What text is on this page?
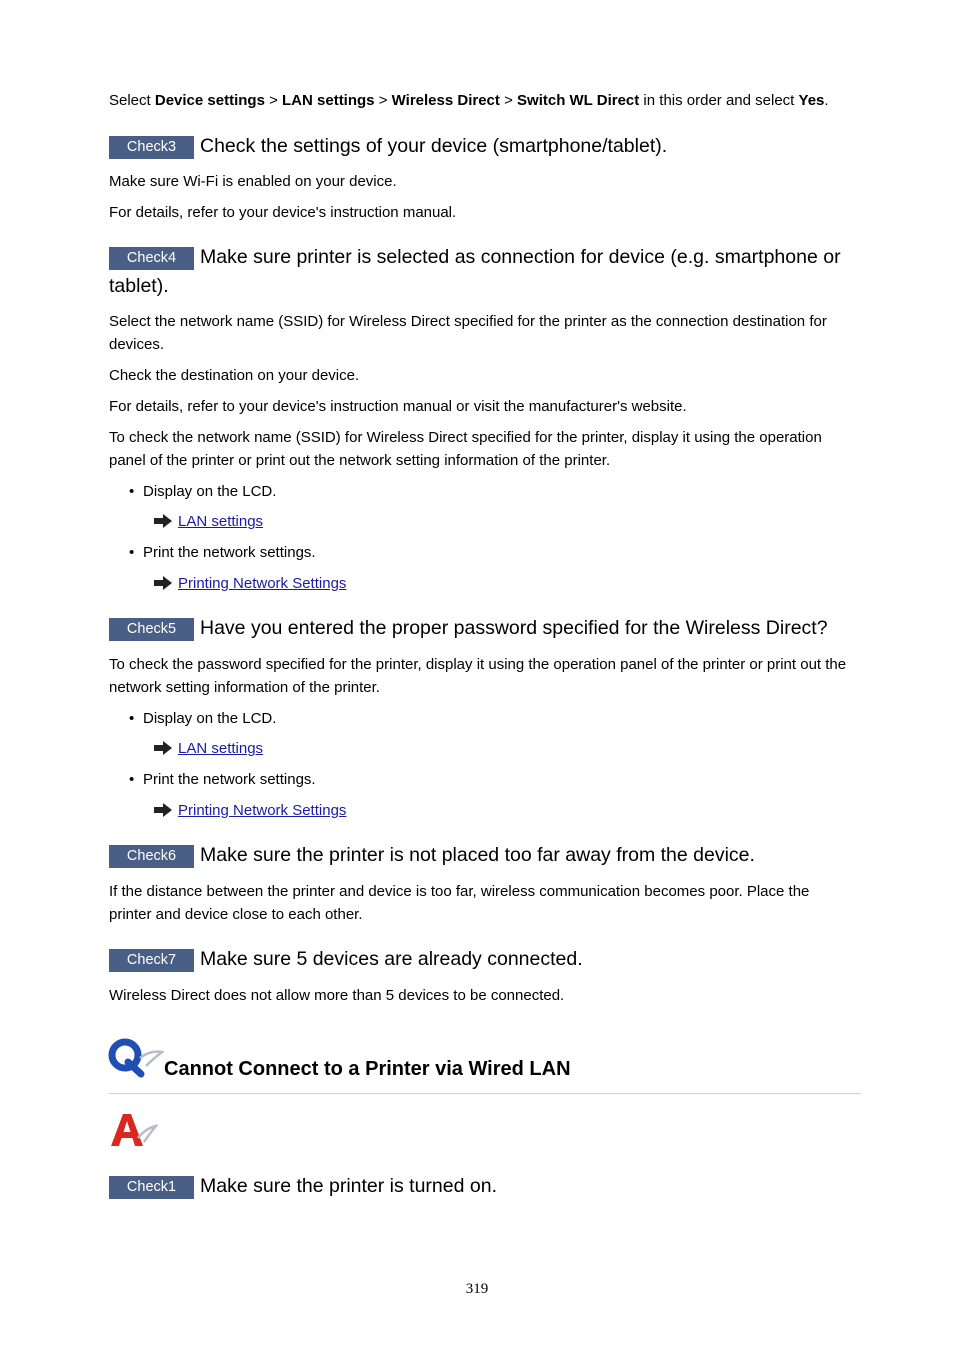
Select Device settings > LAN settings > Wireless Direct > Switch WL Direct in this order and select Yes.
Check3 Check the settings of your device (smartphone/tablet).
Make sure Wi-Fi is enabled on your device.
For details, refer to your device's instruction manual.
Check4 Make sure printer is selected as connection for device (e.g. smartphone or tablet).
Select the network name (SSID) for Wireless Direct specified for the printer as the connection destination for devices.
Check the destination on your device.
For details, refer to your device's instruction manual or visit the manufacturer's website.
To check the network name (SSID) for Wireless Direct specified for the printer, display it using the operation panel of the printer or print out the network setting information of the printer.
• Display on the LCD.
LAN settings
• Print the network settings.
Printing Network Settings
Check5 Have you entered the proper password specified for the Wireless Direct?
To check the password specified for the printer, display it using the operation panel of the printer or print out the network setting information of the printer.
• Display on the LCD.
LAN settings
• Print the network settings.
Printing Network Settings
Check6 Make sure the printer is not placed too far away from the device.
If the distance between the printer and device is too far, wireless communication becomes poor. Place the printer and device close to each other.
Check7 Make sure 5 devices are already connected.
Wireless Direct does not allow more than 5 devices to be connected.
Cannot Connect to a Printer via Wired LAN
Check1 Make sure the printer is turned on.
319
